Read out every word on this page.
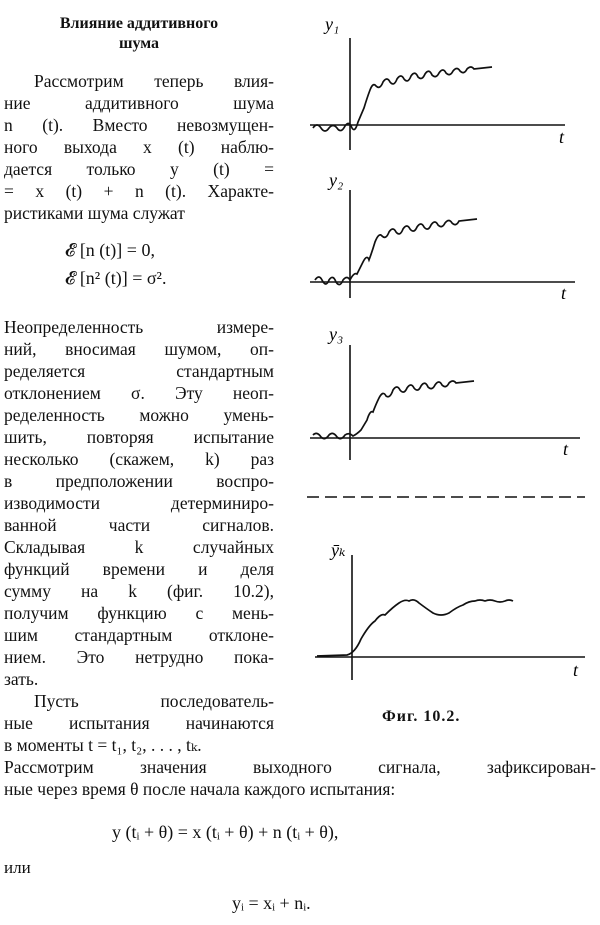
Влияние аддитивного
шума
Рассмотрим теперь влия-
ние аддитивного шума
n (t). Вместо невозмущен-
ного выхода x (t) наблю-
дается только y (t) =
= x (t) + n (t). Характе-
ристиками шума служат
𝓔 [n (t)] = 0,
𝓔 [n² (t)] = σ².
Неопределенность измере-
ний, вносимая шумом, оп-
ределяется стандартным
отклонением σ. Эту неоп-
ределенность можно умень-
шить, повторяя испытание
несколько (скажем, k) раз
в предположении воспро-
изводимости детерминиро-
ванной части сигналов.
Складывая k случайных
функций времени и деля
сумму на k (фиг. 10.2),
получим функцию с мень-
шим стандартным отклоне-
нием. Это нетрудно пока-
зать.
Пусть последователь-
ные испытания начинаются
в моменты t = t₁, t₂, . . . , tₖ.
Рассмотрим значения выходного сигнала, зафиксирован-
ные через время θ после начала каждого испытания:
y (tᵢ + θ) = x (tᵢ + θ) + n (tᵢ + θ),
или
yᵢ = xᵢ + nᵢ.
y₁
t
y₂
t
y₃
t
ȳₖ
t
Фиг. 10.2.
